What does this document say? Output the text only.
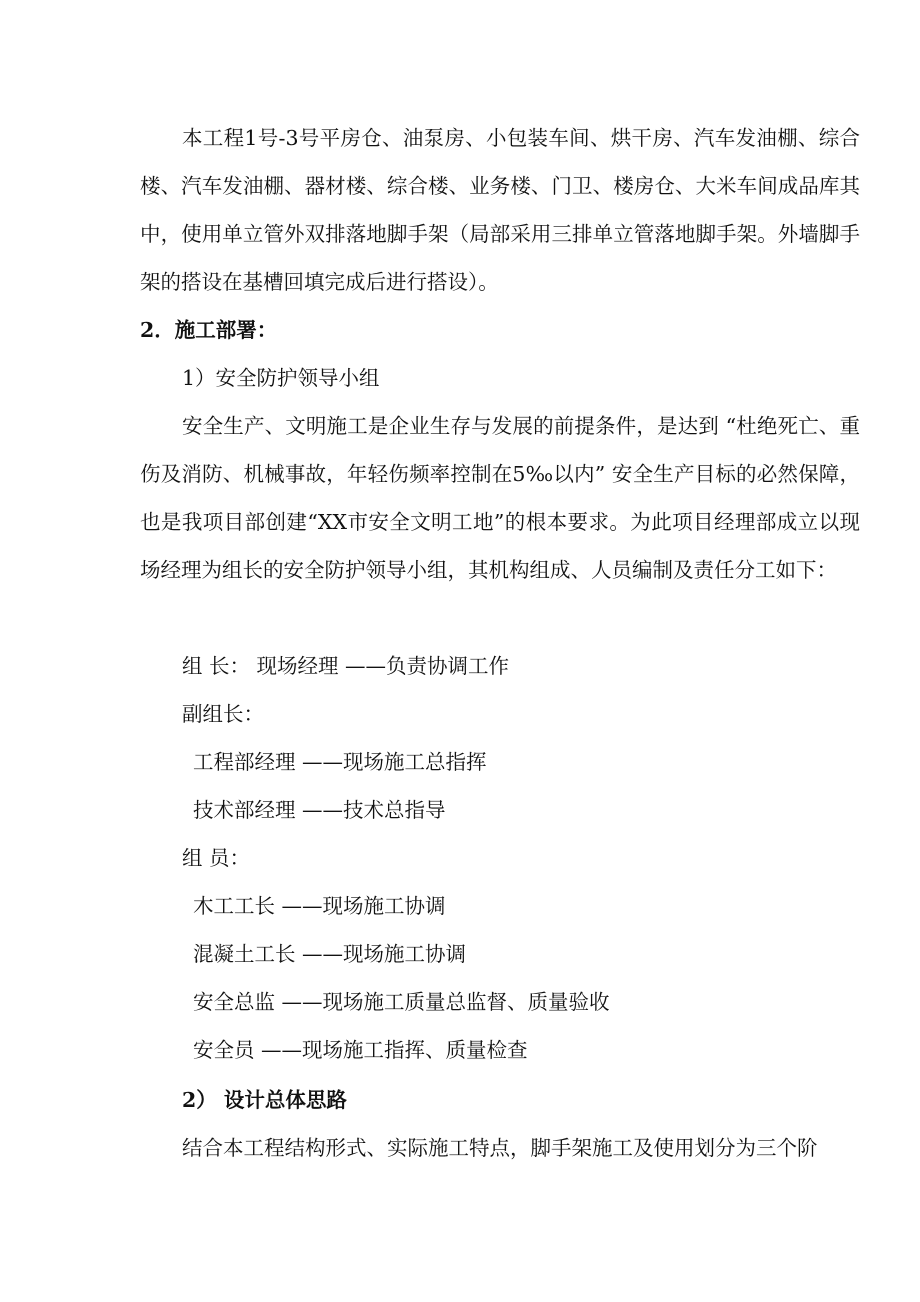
本工程1号-3号平房仓、油泵房、小包装车间、烘干房、汽车发油棚、综合楼、汽车发油棚、器材楼、综合楼、业务楼、门卫、楼房仓、大米车间成品库其中，使用单立管外双排落地脚手架（局部采用三排单立管落地脚手架。外墙脚手架的搭设在基槽回填完成后进行搭设）。

2．施工部署：

1）安全防护领导小组

安全生产、文明施工是企业生存与发展的前提条件，是达到 “杜绝死亡、重伤及消防、机械事故，年轻伤频率控制在5‰以内” 安全生产目标的必然保障，也是我项目部创建“XX市安全文明工地”的根本要求。为此项目经理部成立以现场经理为组长的安全防护领导小组，其机构组成、人员编制及责任分工如下：

组 长： 现场经理 ——负责协调工作

副组长：

工程部经理 ——现场施工总指挥

技术部经理 ——技术总指导

组 员：

木工工长 ——现场施工协调

混凝土工长 ——现场施工协调

安全总监 ——现场施工质量总监督、质量验收

安全员 ——现场施工指挥、质量检查

2） 设计总体思路

结合本工程结构形式、实际施工特点，脚手架施工及使用划分为三个阶
